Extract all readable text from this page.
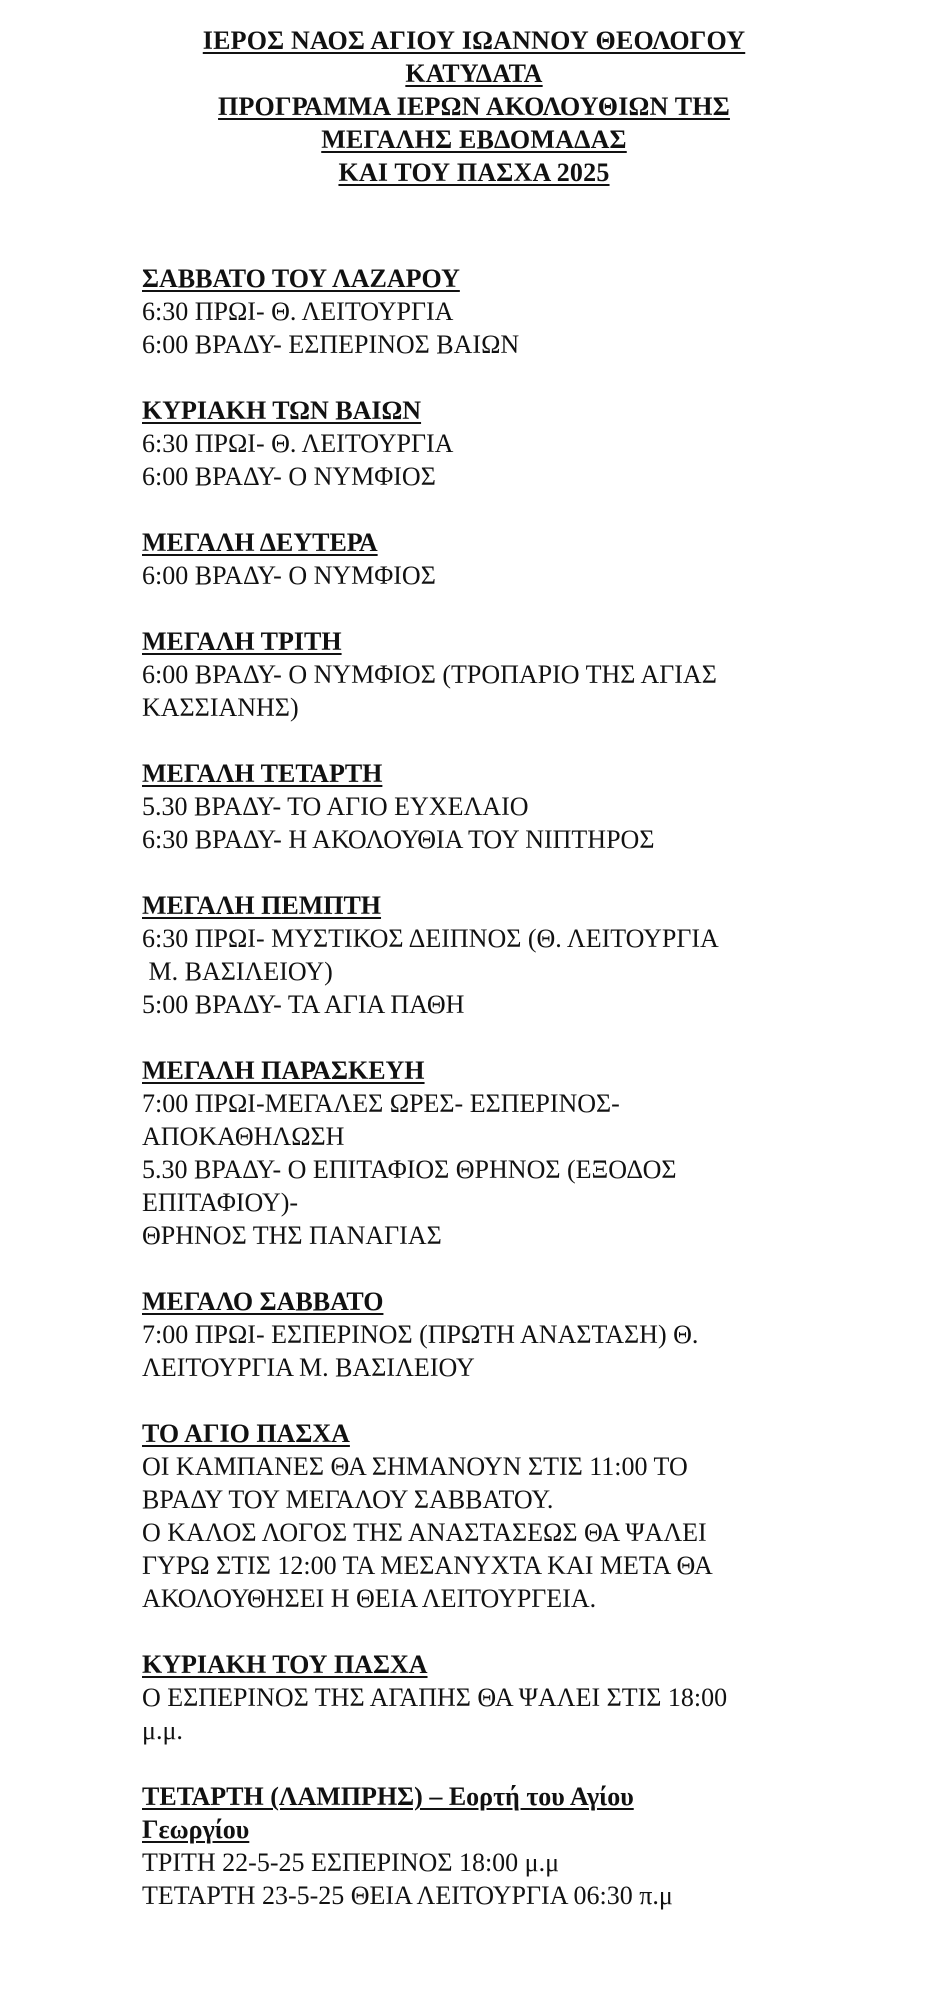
ΙΕΡΟΣ ΝΑΟΣ ΑΓΙΟΥ ΙΩΑΝΝΟΥ ΘΕΟΛΟΓΟΥ
ΚΑΤΥΔΑΤΑ
ΠΡΟΓΡΑΜΜΑ ΙΕΡΩΝ ΑΚΟΛΟΥΘΙΩΝ ΤΗΣ
ΜΕΓΑΛΗΣ ΕΒΔΟΜΑΔΑΣ
ΚΑΙ ΤΟΥ ΠΑΣΧΑ 2025
ΣΑΒΒΑΤΟ ΤΟΥ ΛΑΖΑΡΟΥ
6:30 ΠΡΩΙ- Θ. ΛΕΙΤΟΥΡΓΙΑ
6:00 ΒΡΑΔΥ- ΕΣΠΕΡΙΝΟΣ ΒΑΙΩΝ
ΚΥΡΙΑΚΗ ΤΩΝ ΒΑΙΩΝ
6:30 ΠΡΩΙ- Θ. ΛΕΙΤΟΥΡΓΙΑ
6:00 ΒΡΑΔΥ- Ο ΝΥΜΦΙΟΣ
ΜΕΓΑΛΗ ΔΕΥΤΕΡΑ
6:00 ΒΡΑΔΥ- Ο ΝΥΜΦΙΟΣ
ΜΕΓΑΛΗ ΤΡΙΤΗ
6:00 ΒΡΑΔΥ- Ο ΝΥΜΦΙΟΣ (ΤΡΟΠΑΡΙΟ ΤΗΣ ΑΓΙΑΣ
ΚΑΣΣΙΑΝΗΣ)
ΜΕΓΑΛΗ ΤΕΤΑΡΤΗ
5.30 ΒΡΑΔΥ- ΤΟ ΑΓΙΟ ΕΥΧΕΛΑΙΟ
6:30 ΒΡΑΔΥ- Η ΑΚΟΛΟΥΘΙΑ ΤΟΥ ΝΙΠΤΗΡΟΣ
ΜΕΓΑΛΗ ΠΕΜΠΤΗ
6:30 ΠΡΩΙ- ΜΥΣΤΙΚΟΣ ΔΕΙΠΝΟΣ (Θ. ΛΕΙΤΟΥΡΓΙΑ
Μ. ΒΑΣΙΛΕΙΟΥ)
5:00 ΒΡΑΔΥ- ΤΑ ΑΓΙΑ ΠΑΘΗ
ΜΕΓΑΛΗ ΠΑΡΑΣΚΕΥΗ
7:00 ΠΡΩΙ-ΜΕΓΑΛΕΣ ΩΡΕΣ- ΕΣΠΕΡΙΝΟΣ-
ΑΠΟΚΑΘΗΛΩΣΗ
5.30 ΒΡΑΔΥ- Ο ΕΠΙΤΑΦΙΟΣ ΘΡΗΝΟΣ (ΕΞΟΔΟΣ
ΕΠΙΤΑΦΙΟΥ)-
ΘΡΗΝΟΣ ΤΗΣ ΠΑΝΑΓΙΑΣ
ΜΕΓΑΛΟ ΣΑΒΒΑΤΟ
7:00 ΠΡΩΙ- ΕΣΠΕΡΙΝΟΣ (ΠΡΩΤΗ ΑΝΑΣΤΑΣΗ) Θ.
ΛΕΙΤΟΥΡΓΙΑ Μ. ΒΑΣΙΛΕΙΟΥ
ΤΟ ΑΓΙΟ ΠΑΣΧΑ
ΟΙ ΚΑΜΠΑΝΕΣ ΘΑ ΣΗΜΑΝΟΥΝ ΣΤΙΣ 11:00 ΤΟ
ΒΡΑΔΥ ΤΟΥ ΜΕΓΑΛΟΥ ΣΑΒΒΑΤΟΥ.
Ο ΚΑΛΟΣ ΛΟΓΟΣ ΤΗΣ ΑΝΑΣΤΑΣΕΩΣ ΘΑ ΨΑΛΕΙ
ΓΥΡΩ ΣΤΙΣ 12:00 ΤΑ ΜΕΣΑΝΥΧΤΑ ΚΑΙ ΜΕΤΑ ΘΑ
ΑΚΟΛΟΥΘΗΣΕΙ Η ΘΕΙΑ ΛΕΙΤΟΥΡΓΕΙΑ.
ΚΥΡΙΑΚΗ ΤΟΥ ΠΑΣΧΑ
Ο ΕΣΠΕΡΙΝΟΣ ΤΗΣ ΑΓΑΠΗΣ ΘΑ ΨΑΛΕΙ ΣΤΙΣ 18:00
μ.μ.
ΤΕΤΑΡΤΗ (ΛΑΜΠΡΗΣ) – Εορτή του Αγίου
Γεωργίου
ΤΡΙΤΗ 22-5-25 ΕΣΠΕΡΙΝΟΣ 18:00 μ.μ
ΤΕΤΑΡΤΗ 23-5-25 ΘΕΙΑ ΛΕΙΤΟΥΡΓΙΑ 06:30 π.μ
